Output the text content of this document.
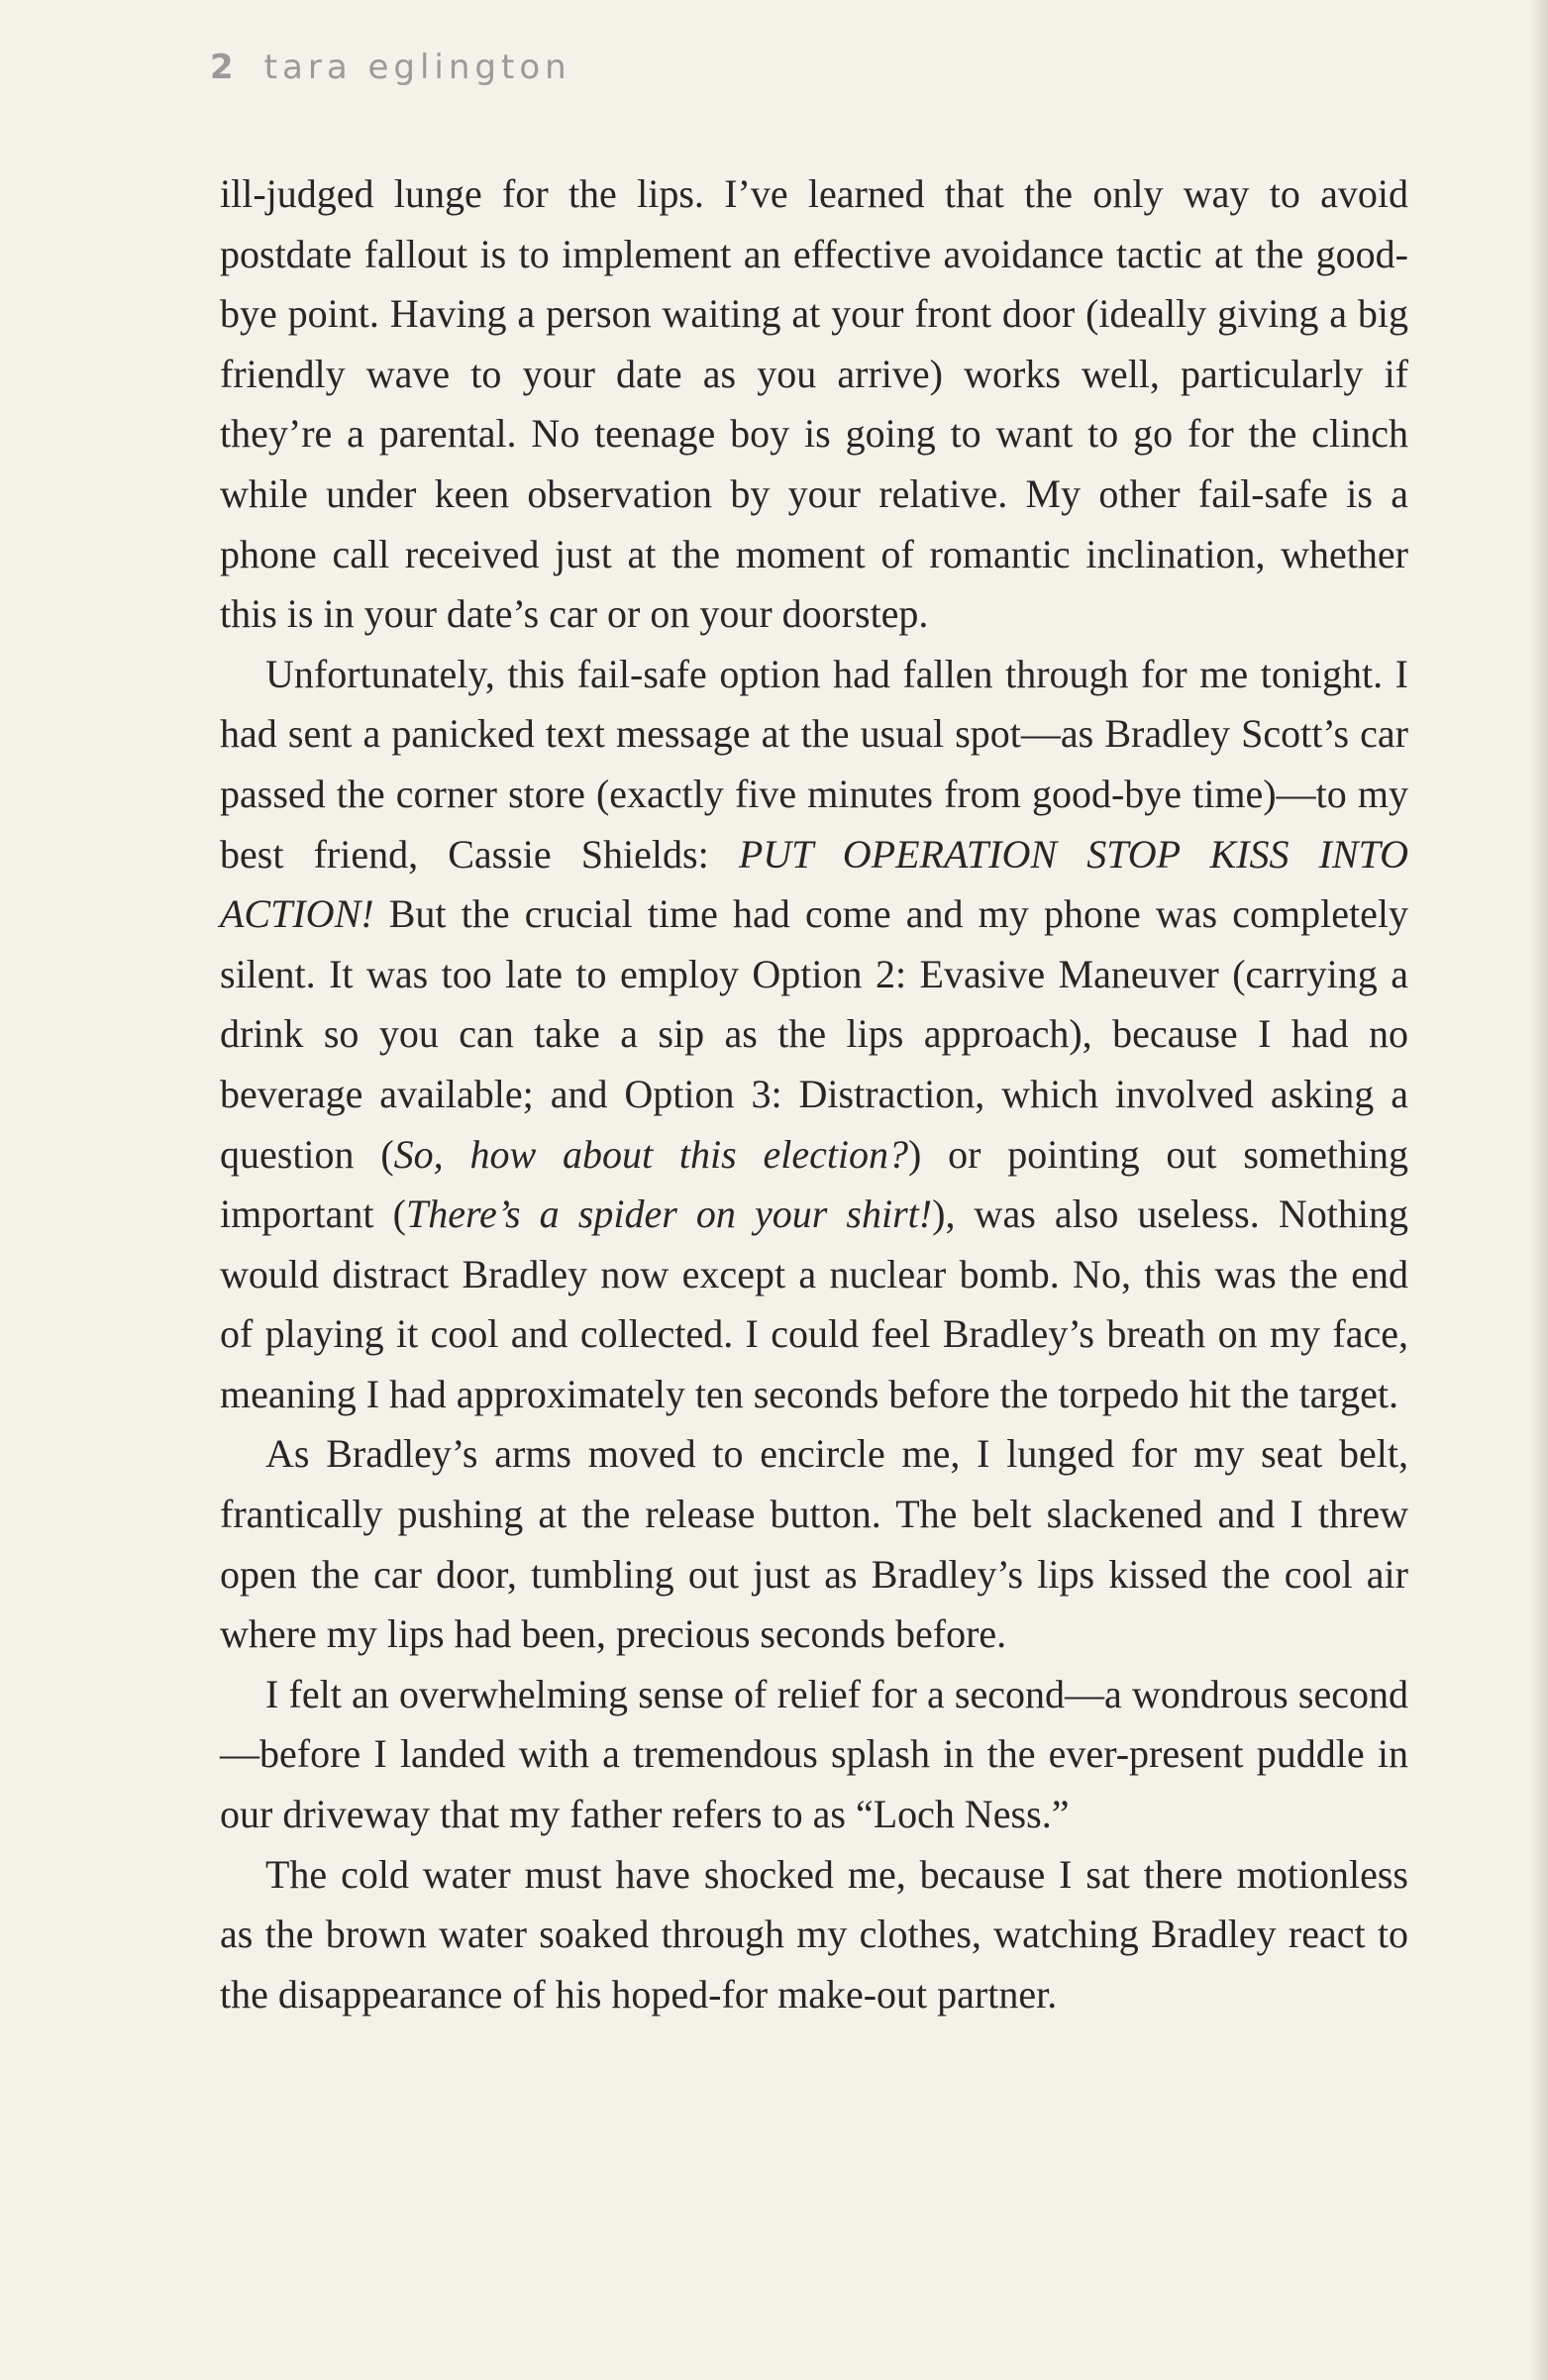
2 tara eglington

ill-judged lunge for the lips. I’ve learned that the only way to avoid postdate fallout is to implement an effective avoidance tactic at the good-bye point. Having a person waiting at your front door (ideally giving a big friendly wave to your date as you arrive) works well, particularly if they’re a parental. No teenage boy is going to want to go for the clinch while under keen observation by your relative. My other fail-safe is a phone call received just at the moment of romantic inclination, whether this is in your date’s car or on your doorstep.

Unfortunately, this fail-safe option had fallen through for me tonight. I had sent a panicked text message at the usual spot—as Bradley Scott’s car passed the corner store (exactly five minutes from good-bye time)—to my best friend, Cassie Shields: PUT OPERATION STOP KISS INTO ACTION! But the crucial time had come and my phone was completely silent. It was too late to employ Option 2: Evasive Maneuver (carrying a drink so you can take a sip as the lips approach), because I had no beverage available; and Option 3: Distraction, which involved asking a question (So, how about this election?) or pointing out something important (There’s a spider on your shirt!), was also useless. Nothing would distract Bradley now except a nuclear bomb. No, this was the end of playing it cool and collected. I could feel Bradley’s breath on my face, meaning I had approximately ten seconds before the torpedo hit the target.

As Bradley’s arms moved to encircle me, I lunged for my seat belt, frantically pushing at the release button. The belt slackened and I threw open the car door, tumbling out just as Bradley’s lips kissed the cool air where my lips had been, precious seconds before.

I felt an overwhelming sense of relief for a second—a wondrous second—before I landed with a tremendous splash in the ever-present puddle in our driveway that my father refers to as “Loch Ness.”

The cold water must have shocked me, because I sat there motionless as the brown water soaked through my clothes, watching Bradley react to the disappearance of his hoped-for make-out partner.
